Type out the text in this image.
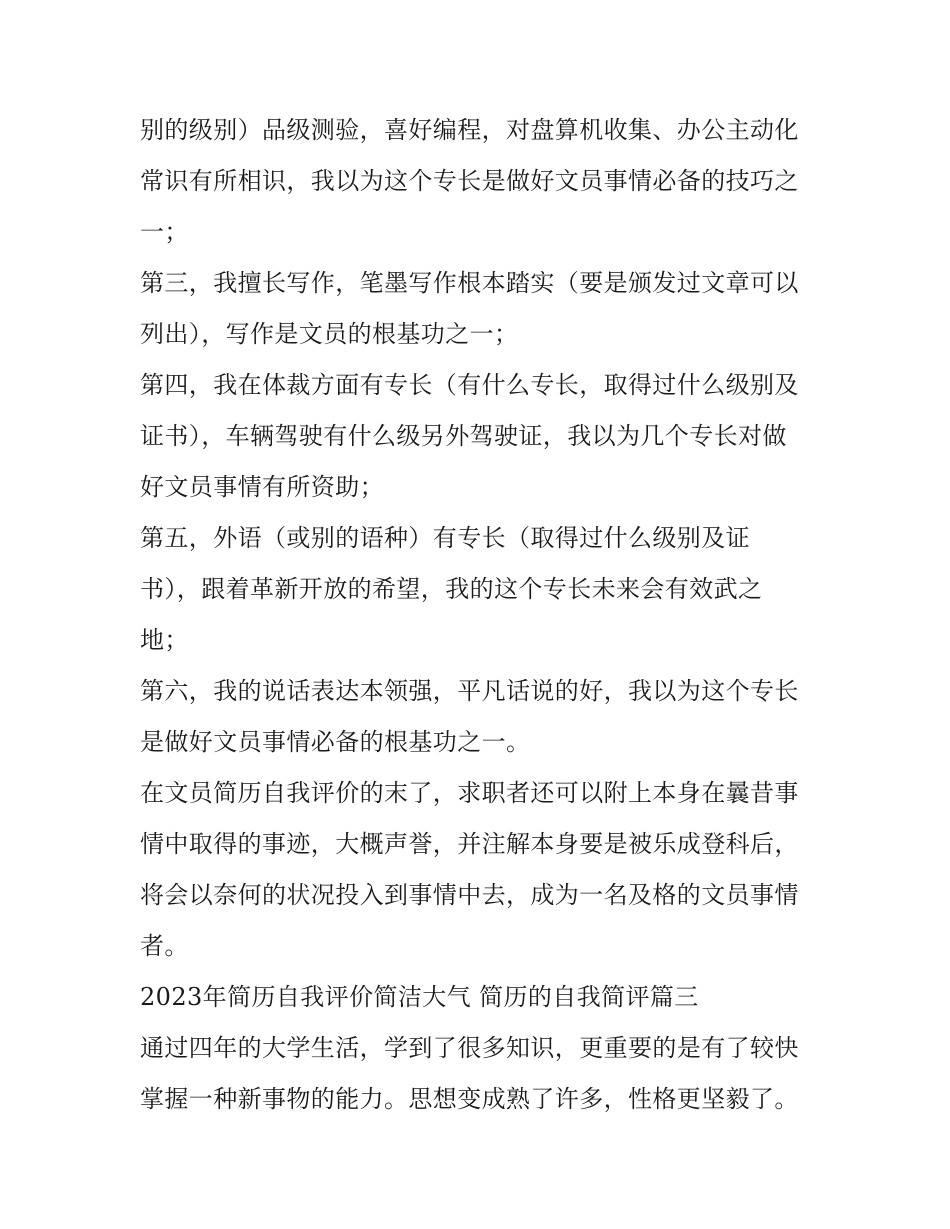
别的级别）品级测验，喜好编程，对盘算机收集、办公主动化
常识有所相识，我以为这个专长是做好文员事情必备的技巧之
一；
第三，我擅长写作，笔墨写作根本踏实（要是颁发过文章可以
列出），写作是文员的根基功之一；
第四，我在体裁方面有专长（有什么专长，取得过什么级别及
证书），车辆驾驶有什么级另外驾驶证，我以为几个专长对做
好文员事情有所资助；
第五，外语（或别的语种）有专长（取得过什么级别及证
书），跟着革新开放的希望，我的这个专长未来会有效武之
地；
第六，我的说话表达本领强，平凡话说的好，我以为这个专长
是做好文员事情必备的根基功之一。
在文员简历自我评价的末了，求职者还可以附上本身在曩昔事
情中取得的事迹，大概声誉，并注解本身要是被乐成登科后，
将会以奈何的状况投入到事情中去，成为一名及格的文员事情
者。
2023年简历自我评价简洁大气 简历的自我简评篇三
通过四年的大学生活，学到了很多知识，更重要的是有了较快
掌握一种新事物的能力。思想变成熟了许多，性格更坚毅了。
